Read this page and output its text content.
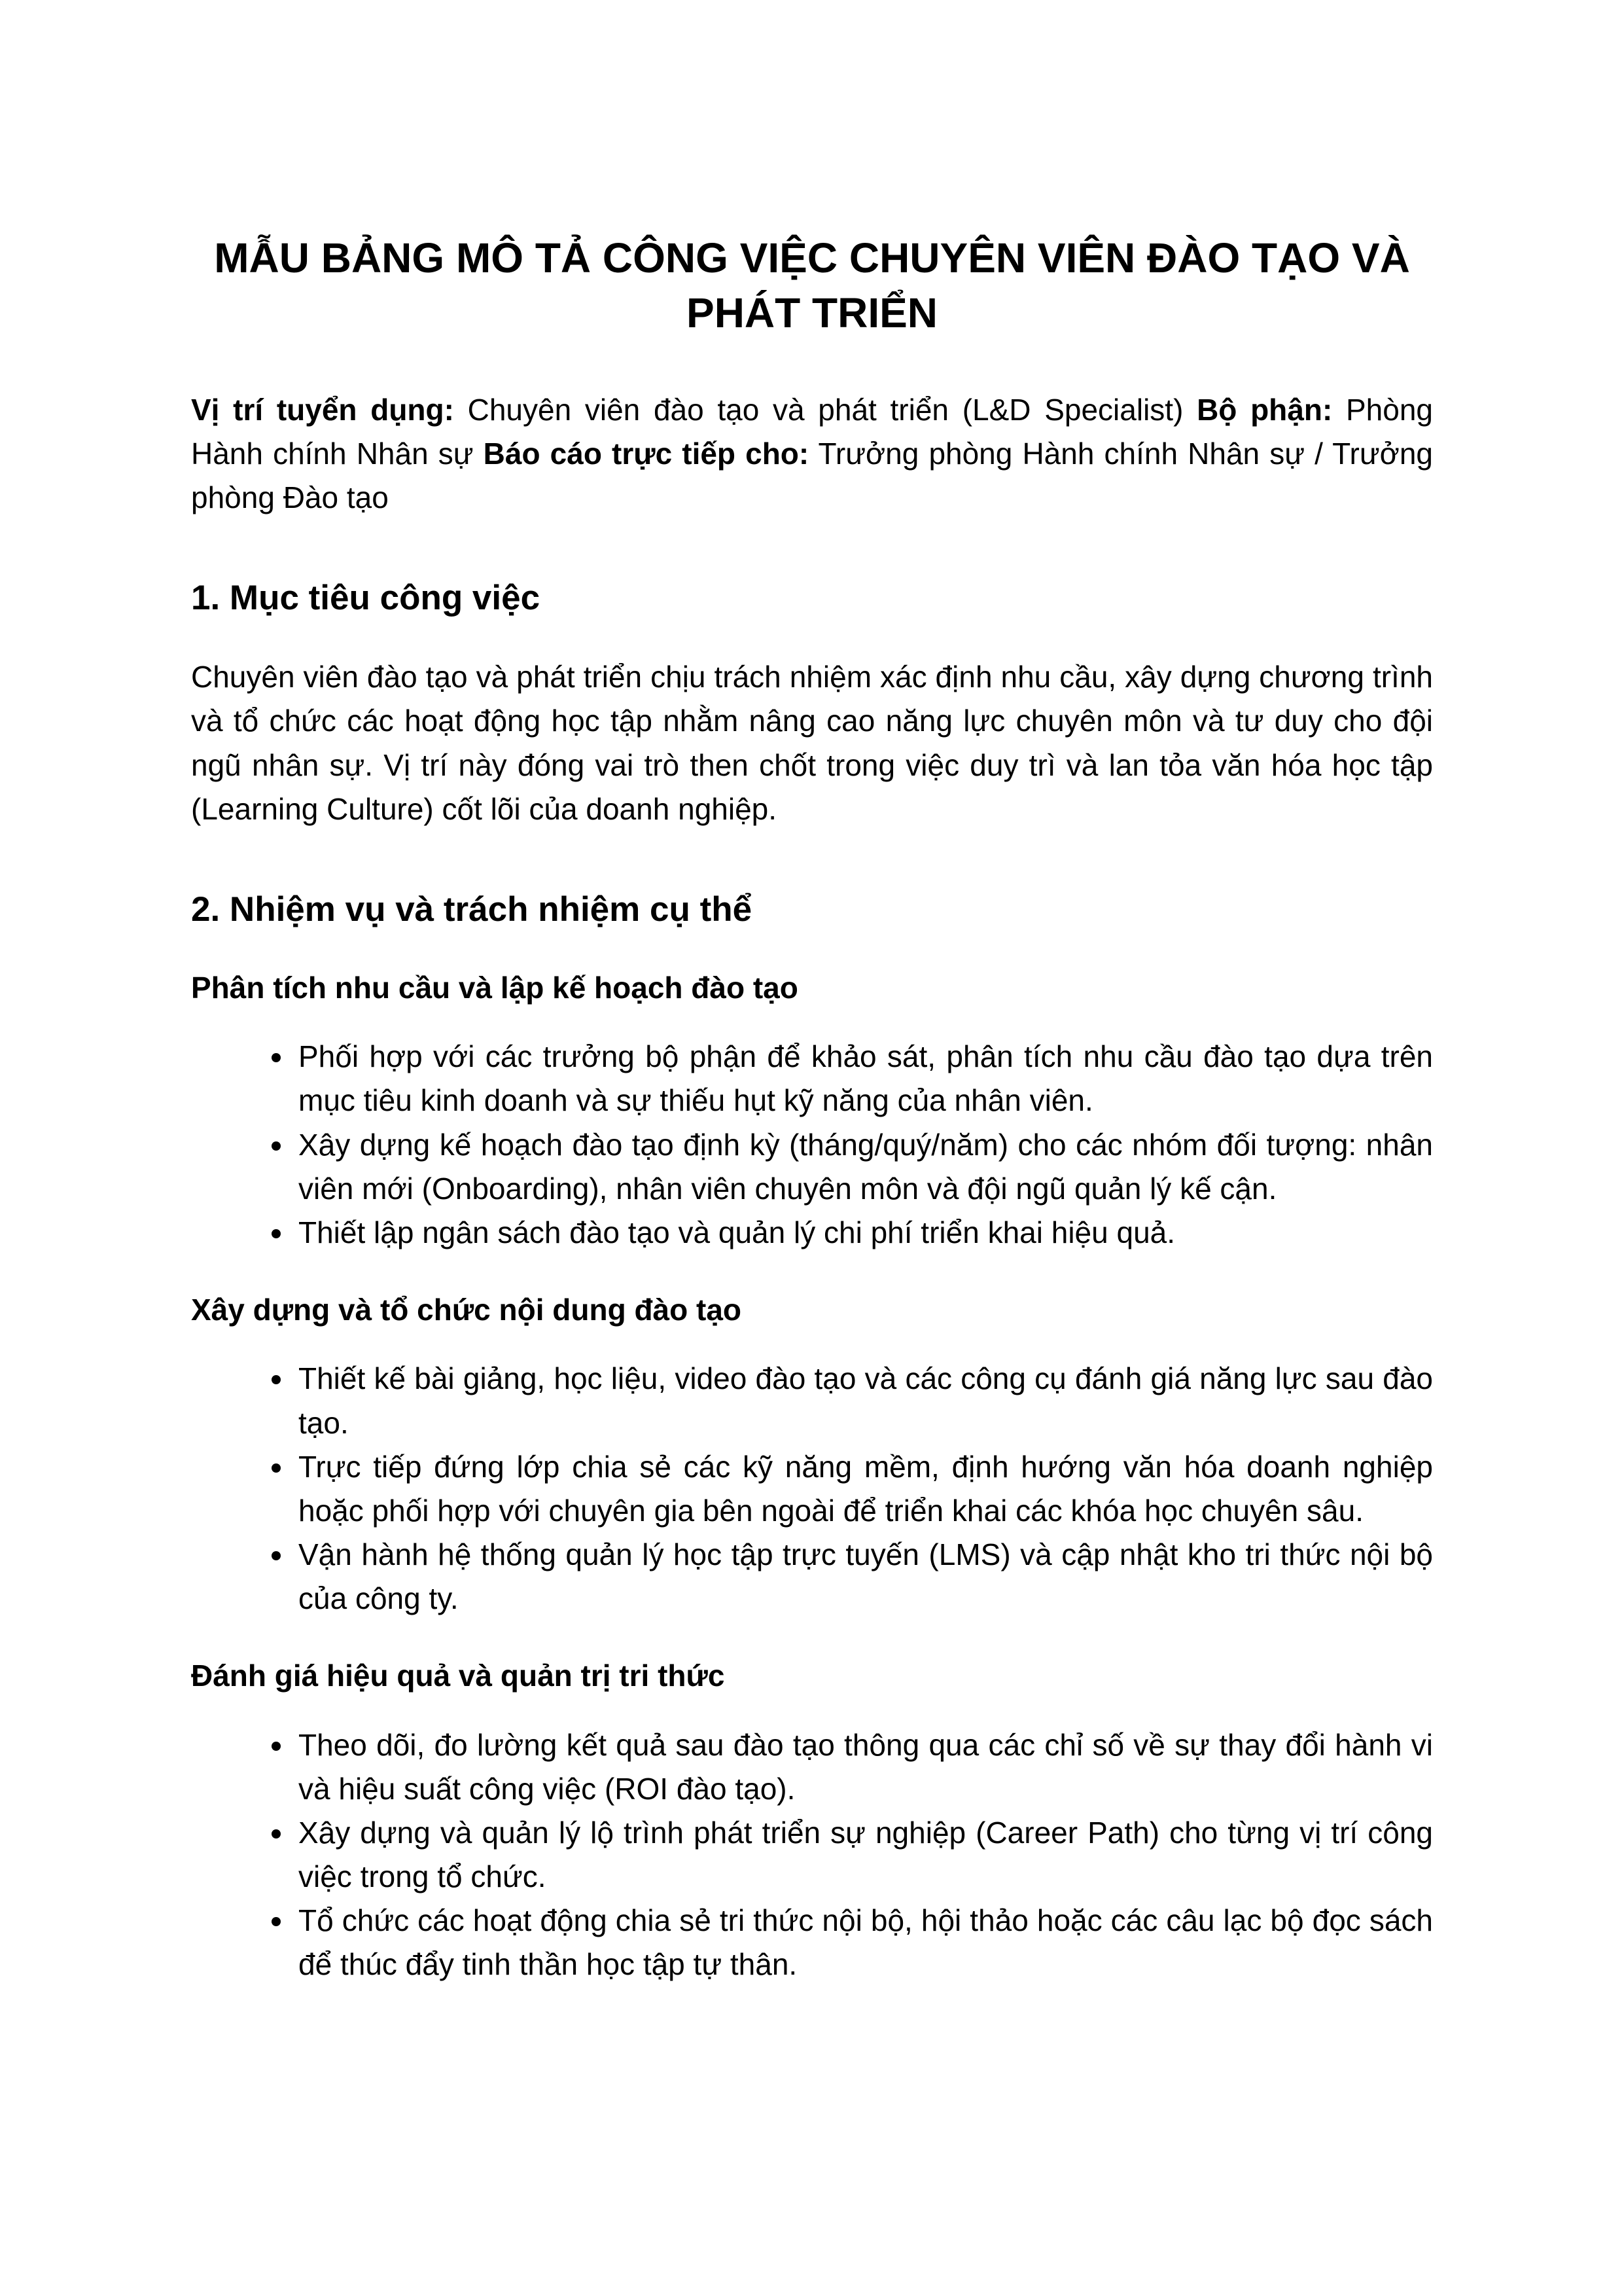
MẪU BẢNG MÔ TẢ CÔNG VIỆC CHUYÊN VIÊN ĐÀO TẠO VÀ PHÁT TRIỂN

Vị trí tuyển dụng: Chuyên viên đào tạo và phát triển (L&D Specialist) Bộ phận: Phòng Hành chính Nhân sự Báo cáo trực tiếp cho: Trưởng phòng Hành chính Nhân sự / Trưởng phòng Đào tạo

1. Mục tiêu công việc

Chuyên viên đào tạo và phát triển chịu trách nhiệm xác định nhu cầu, xây dựng chương trình và tổ chức các hoạt động học tập nhằm nâng cao năng lực chuyên môn và tư duy cho đội ngũ nhân sự. Vị trí này đóng vai trò then chốt trong việc duy trì và lan tỏa văn hóa học tập (Learning Culture) cốt lõi của doanh nghiệp.

2. Nhiệm vụ và trách nhiệm cụ thể
Phân tích nhu cầu và lập kế hoạch đào tạo
• Phối hợp với các trưởng bộ phận để khảo sát, phân tích nhu cầu đào tạo dựa trên mục tiêu kinh doanh và sự thiếu hụt kỹ năng của nhân viên.
• Xây dựng kế hoạch đào tạo định kỳ (tháng/quý/năm) cho các nhóm đối tượng: nhân viên mới (Onboarding), nhân viên chuyên môn và đội ngũ quản lý kế cận.
• Thiết lập ngân sách đào tạo và quản lý chi phí triển khai hiệu quả.
Xây dựng và tổ chức nội dung đào tạo
• Thiết kế bài giảng, học liệu, video đào tạo và các công cụ đánh giá năng lực sau đào tạo.
• Trực tiếp đứng lớp chia sẻ các kỹ năng mềm, định hướng văn hóa doanh nghiệp hoặc phối hợp với chuyên gia bên ngoài để triển khai các khóa học chuyên sâu.
• Vận hành hệ thống quản lý học tập trực tuyến (LMS) và cập nhật kho tri thức nội bộ của công ty.
Đánh giá hiệu quả và quản trị tri thức
• Theo dõi, đo lường kết quả sau đào tạo thông qua các chỉ số về sự thay đổi hành vi và hiệu suất công việc (ROI đào tạo).
• Xây dựng và quản lý lộ trình phát triển sự nghiệp (Career Path) cho từng vị trí công việc trong tổ chức.
• Tổ chức các hoạt động chia sẻ tri thức nội bộ, hội thảo hoặc các câu lạc bộ đọc sách để thúc đẩy tinh thần học tập tự thân.
